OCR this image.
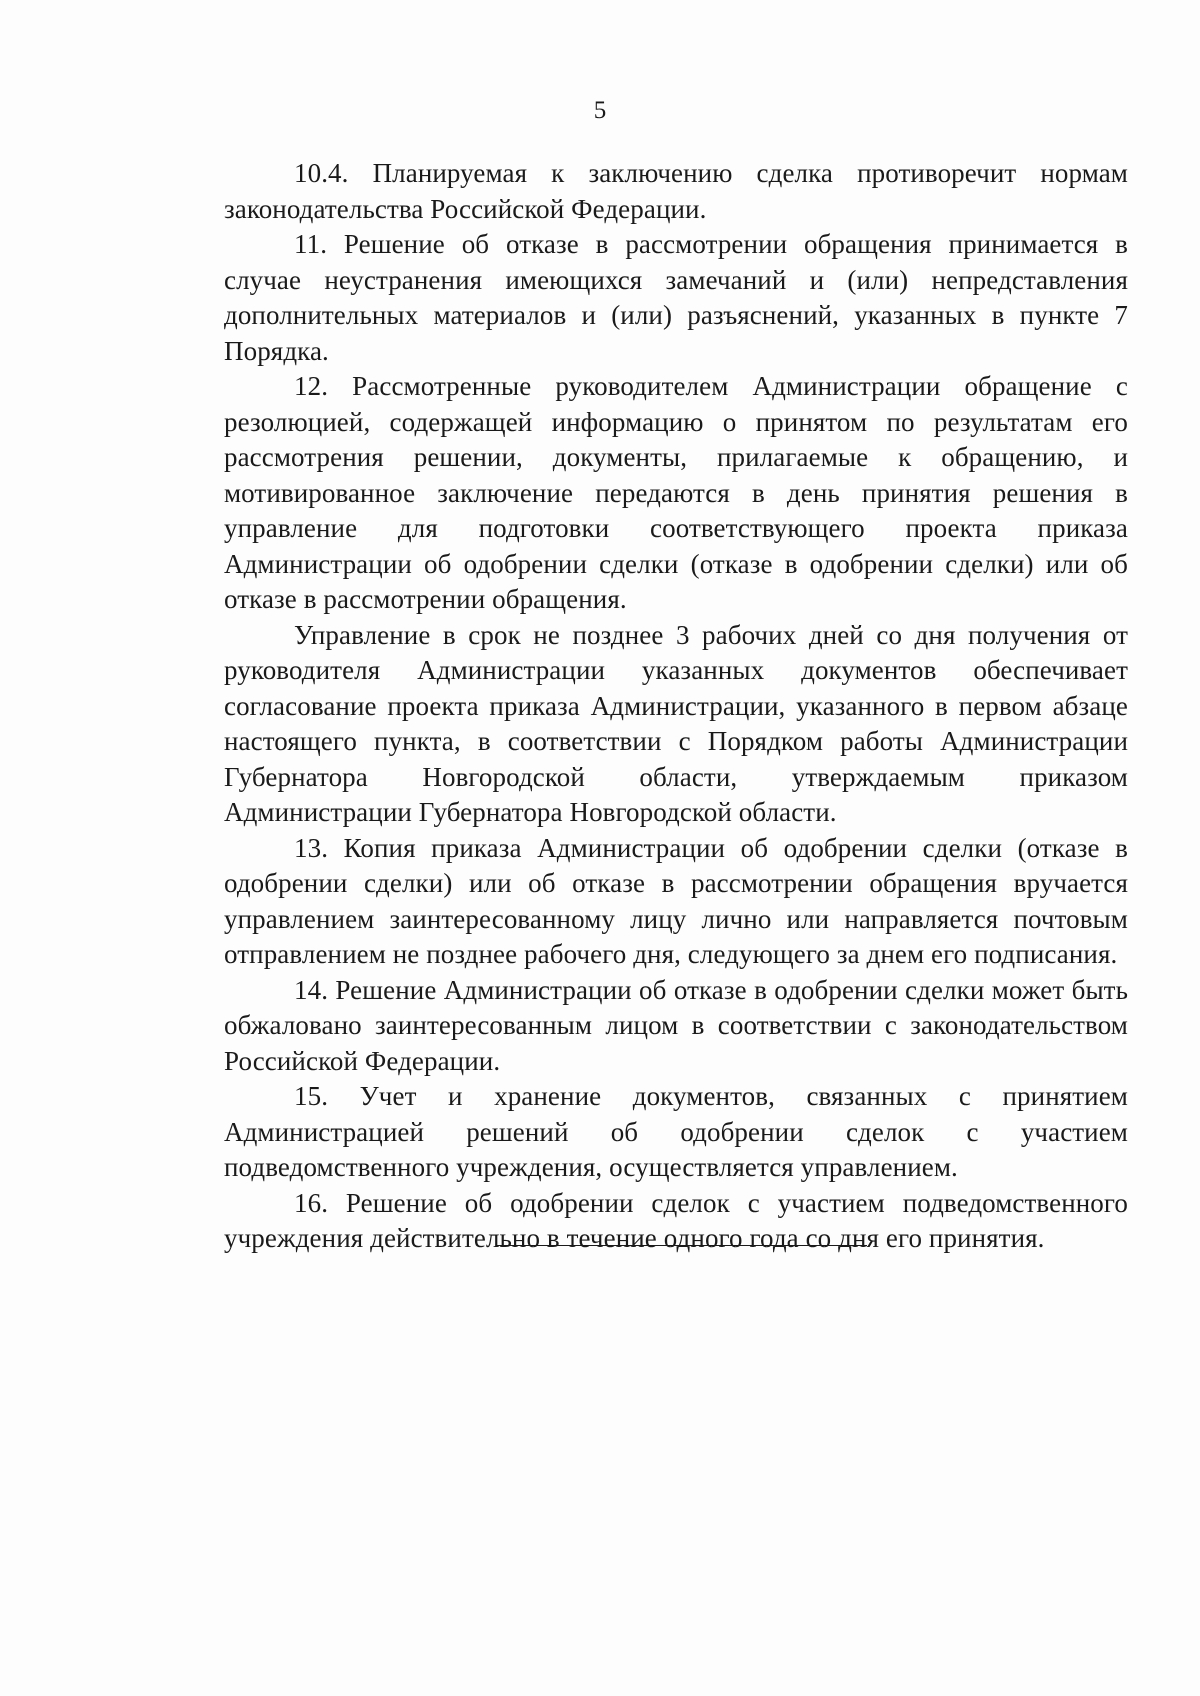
5

10.4. Планируемая к заключению сделка противоречит нормам законодательства Российской Федерации.

11. Решение об отказе в рассмотрении обращения принимается в случае неустранения имеющихся замечаний и (или) непредставления дополнительных материалов и (или) разъяснений, указанных в пункте 7 Порядка.

12. Рассмотренные руководителем Администрации обращение с резолюцией, содержащей информацию о принятом по результатам его рассмотрения решении, документы, прилагаемые к обращению, и мотивированное заключение передаются в день принятия решения в управление для подготовки соответствующего проекта приказа Администрации об одобрении сделки (отказе в одобрении сделки) или об отказе в рассмотрении обращения.

Управление в срок не позднее 3 рабочих дней со дня получения от руководителя Администрации указанных документов обеспечивает согласование проекта приказа Администрации, указанного в первом абзаце настоящего пункта, в соответствии с Порядком работы Администрации Губернатора Новгородской области, утверждаемым приказом Администрации Губернатора Новгородской области.

13. Копия приказа Администрации об одобрении сделки (отказе в одобрении сделки) или об отказе в рассмотрении обращения вручается управлением заинтересованному лицу лично или направляется почтовым отправлением не позднее рабочего дня, следующего за днем его подписания.

14. Решение Администрации об отказе в одобрении сделки может быть обжаловано заинтересованным лицом в соответствии с законодательством Российской Федерации.

15. Учет и хранение документов, связанных с принятием Администрацией решений об одобрении сделок с участием подведомственного учреждения, осуществляется управлением.

16. Решение об одобрении сделок с участием подведомственного учреждения действительно в течение одного года со дня его принятия.
